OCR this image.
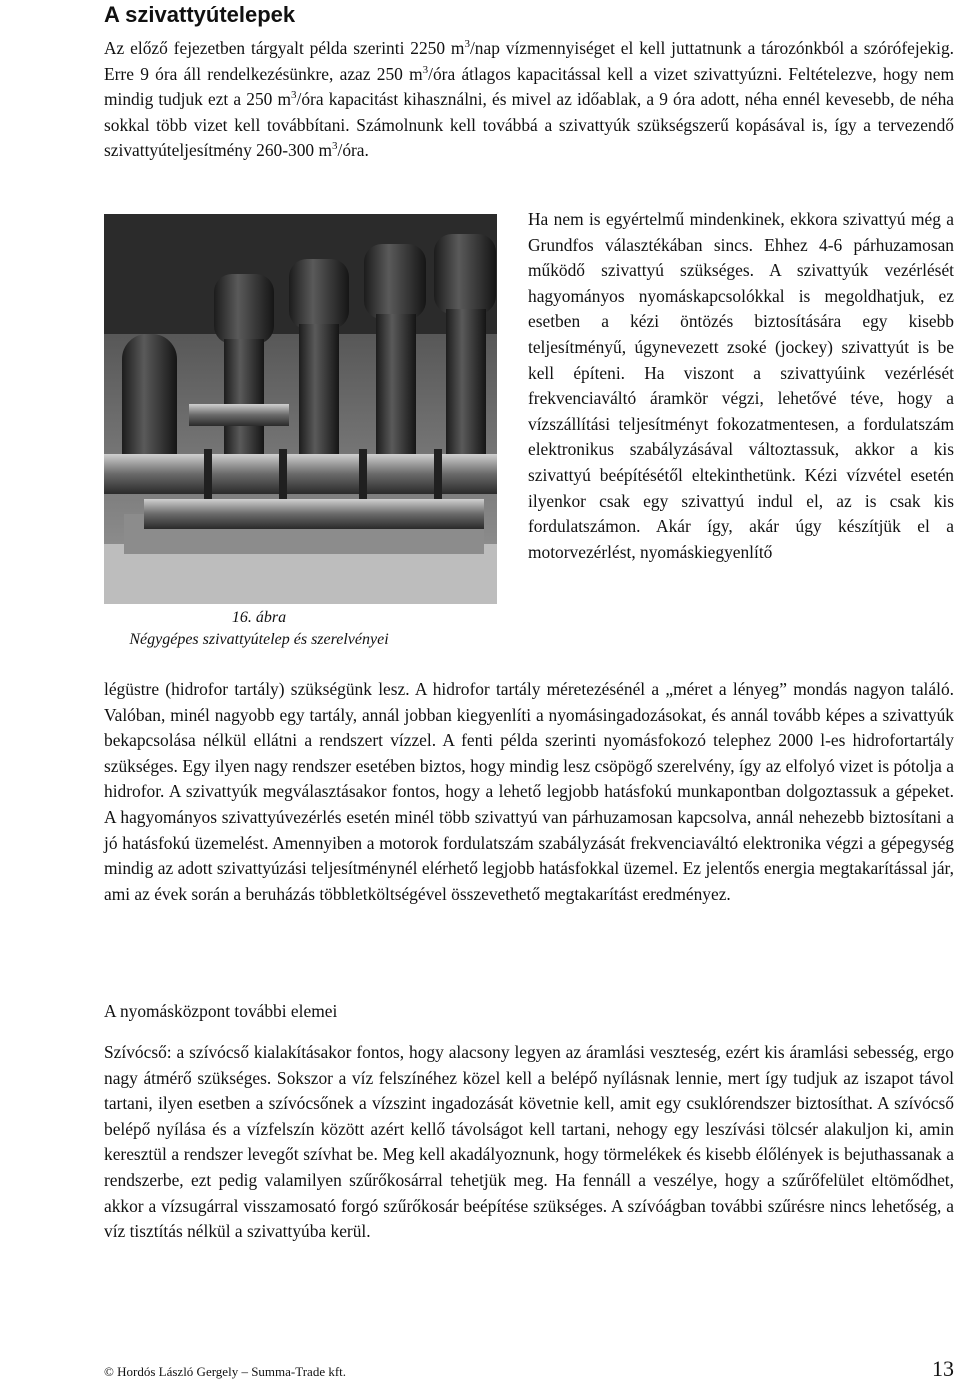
A szivattyútelepek

Az előző fejezetben tárgyalt példa szerinti 2250 $m^3$/nap vízmennyiséget el kell juttatnunk a tározónkból a szórófejekig. Erre 9 óra áll rendelkezésünkre, azaz 250 $m^3$/óra átlagos kapacitással kell a vizet szivattyúzni. Feltételezve, hogy nem mindig tudjuk ezt a 250 $m^3$/óra kapacitást kihasználni, és mivel az időablak, a 9 óra adott, néha ennél kevesebb, de néha sokkal több vizet kell továbbítani. Számolnunk kell továbbá a szivattyúk szükségszerű kopásával is, így a tervezendő szivattyúteljesítmény 260-300 $m^3$/óra.

16. ábra
Négygépes szivattyútelep és szerelvényei

Ha nem is egyértelmű mindenkinek, ekkora szivattyú még a Grundfos választékában sincs. Ehhez 4-6 párhuzamosan működő szivattyú szükséges. A szivattyúk vezérlését hagyományos nyomáskapcsolókkal is megoldhatjuk, ez esetben a kézi öntözés biztosítására egy kisebb teljesítményű, úgynevezett zsoké (jockey) szivattyút is be kell építeni. Ha viszont a szivattyúink vezérlését frekvenciaváltó áramkör végzi, lehetővé téve, hogy a vízszállítási teljesítményt fokozatmentesen, a fordulatszám elektronikus szabályzásával változtassuk, akkor a kis szivattyú beépítésétől eltekinthetünk. Kézi vízvétel esetén ilyenkor csak egy szivattyú indul el, az is csak kis fordulatszámon. Akár így, akár úgy készítjük el a motorvezérlést, nyomáskiegyenlítő

légüstre (hidrofor tartály) szükségünk lesz. A hidrofor tartály méretezésénél a „méret a lényeg” mondás nagyon találó. Valóban, minél nagyobb egy tartály, annál jobban kiegyenlíti a nyomásingadozásokat, és annál tovább képes a szivattyúk bekapcsolása nélkül ellátni a rendszert vízzel. A fenti példa szerinti nyomásfokozó telephez 2000 l-es hidrofortartály szükséges. Egy ilyen nagy rendszer esetében biztos, hogy mindig lesz csöpögő szerelvény, így az elfolyó vizet is pótolja a hidrofor. A szivattyúk megválasztásakor fontos, hogy a lehető legjobb hatásfokú munkapontban dolgoztassuk a gépeket. A hagyományos szivattyúvezérlés esetén minél több szivattyú van párhuzamosan kapcsolva, annál nehezebb biztosítani a jó hatásfokú üzemelést. Amennyiben a motorok fordulatszám szabályzását frekvenciaváltó elektronika végzi a gépegység mindig az adott szivattyúzási teljesítménynél elérhető legjobb hatásfokkal üzemel. Ez jelentős energia megtakarítással jár, ami az évek során a beruházás többletköltségével összevethető megtakarítást eredményez.

A nyomásközpont további elemei

Szívócső: a szívócső kialakításakor fontos, hogy alacsony legyen az áramlási veszteség, ezért kis áramlási sebesség, ergo nagy átmérő szükséges. Sokszor a víz felszínéhez közel kell a belépő nyílásnak lennie, mert így tudjuk az iszapot távol tartani, ilyen esetben a szívócsőnek a vízszint ingadozását követnie kell, amit egy csuklórendszer biztosíthat. A szívócső belépő nyílása és a vízfelszín között azért kellő távolságot kell tartani, nehogy egy leszívási tölcsér alakuljon ki, amin keresztül a rendszer levegőt szívhat be. Meg kell akadályoznunk, hogy törmelékek és kisebb élőlények is bejuthassanak a rendszerbe, ezt pedig valamilyen szűrőkosárral tehetjük meg. Ha fennáll a veszélye, hogy a szűrőfelület eltömődhet, akkor a vízsugárral visszamosató forgó szűrőkosár beépítése szükséges. A szívóágban további szűrésre nincs lehetőség, a víz tisztítás nélkül a szivattyúba kerül.

© Hordós László Gergely – Summa-Trade kft.	13
